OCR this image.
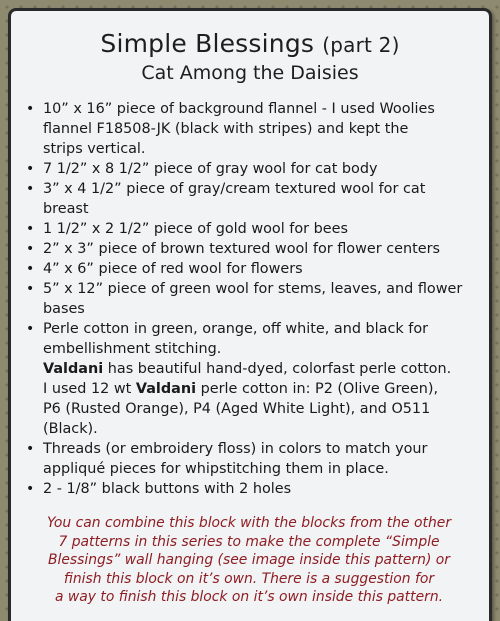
Simple Blessings (part 2)
Cat Among the Daisies
• 10” x 16” piece of background flannel - I used Woolies
flannel F18508-JK (black with stripes) and kept the
strips vertical.
• 7 1/2” x 8 1/2” piece of gray wool for cat body
• 3” x 4 1/2” piece of gray/cream textured wool for cat
breast
• 1 1/2” x 2 1/2” piece of gold wool for bees
• 2” x 3” piece of brown textured wool for flower centers
• 4” x 6” piece of red wool for flowers
• 5” x 12” piece of green wool for stems, leaves, and flower
bases
• Perle cotton in green, orange, off white, and black for
embellishment stitching.
Valdani has beautiful hand-dyed, colorfast perle cotton.
I used 12 wt Valdani perle cotton in: P2 (Olive Green),
P6 (Rusted Orange), P4 (Aged White Light), and O511
(Black).
• Threads (or embroidery floss) in colors to match your
appliqué pieces for whipstitching them in place.
• 2 - 1/8” black buttons with 2 holes
You can combine this block with the blocks from the other
7 patterns in this series to make the complete “Simple
Blessings” wall hanging (see image inside this pattern) or
finish this block on it’s own. There is a suggestion for
a way to finish this block on it’s own inside this pattern.
